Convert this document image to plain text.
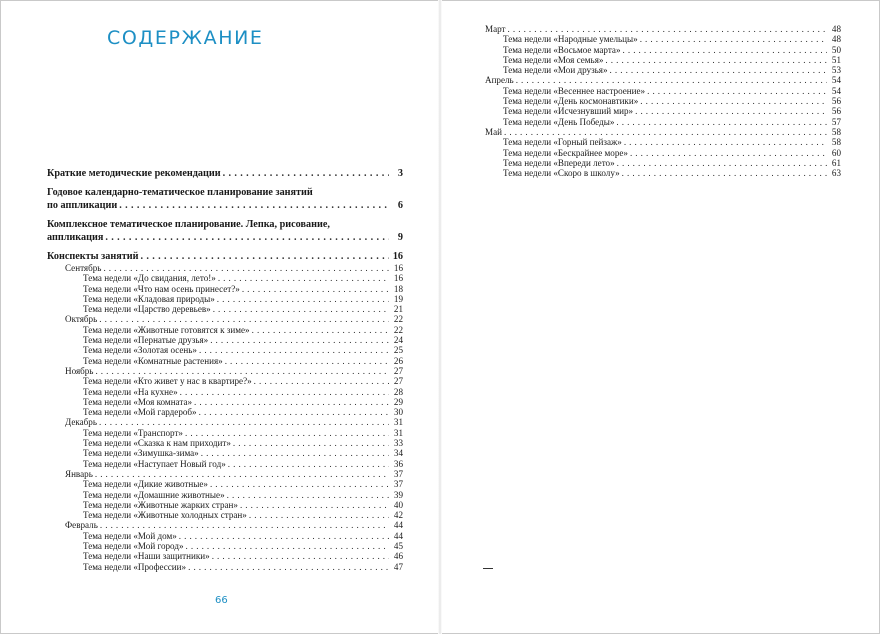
СОДЕРЖАНИЕ
Краткие методические рекомендации . . .	3
Годовое календарно-тематическое планирование занятий
по аппликации . . .	6
Комплексное тематическое планирование. Лепка, рисование,
аппликация . . .	9
Конспекты занятий . . .	16
Сентябрь . . .	16
Тема недели «До свидания, лето!» . . .	16
Тема недели «Что нам осень принесет?» . . .	18
Тема недели «Кладовая природы» . . .	19
Тема недели «Царство деревьев» . . .	21
Октябрь . . .	22
Тема недели «Животные готовятся к зиме» . . .	22
Тема недели «Пернатые друзья» . . .	24
Тема недели «Золотая осень» . . .	25
Тема недели «Комнатные растения» . . .	26
Ноябрь . . .	27
Тема недели «Кто живет у нас в квартире?» . . .	27
Тема недели «На кухне» . . .	28
Тема недели «Моя комната» . . .	29
Тема недели «Мой гардероб» . . .	30
Декабрь . . .	31
Тема недели «Транспорт» . . .	31
Тема недели «Сказка к нам приходит» . . .	33
Тема недели «Зимушка-зима» . . .	34
Тема недели «Наступает Новый год» . . .	36
Январь . . .	37
Тема недели «Дикие животные» . . .	37
Тема недели «Домашние животные» . . .	39
Тема недели «Животные жарких стран» . . .	40
Тема недели «Животные холодных стран» . . .	42
Февраль . . .	44
Тема недели «Мой дом» . . .	44
Тема недели «Мой город» . . .	45
Тема недели «Наши защитники» . . .	46
Тема недели «Профессии» . . .	47
66
Март . . .	48
Тема недели «Народные умельцы» . . .	48
Тема недели «Восьмое марта» . . .	50
Тема недели «Моя семья» . . .	51
Тема недели «Мои друзья» . . .	53
Апрель . . .	54
Тема недели «Весеннее настроение» . . .	54
Тема недели «День космонавтики» . . .	56
Тема недели «Исчезнувший мир» . . .	56
Тема недели «День Победы» . . .	57
Май . . .	58
Тема недели «Горный пейзаж» . . .	58
Тема недели «Бескрайнее море» . . .	60
Тема недели «Впереди лето» . . .	61
Тема недели «Скоро в школу» . . .	63
